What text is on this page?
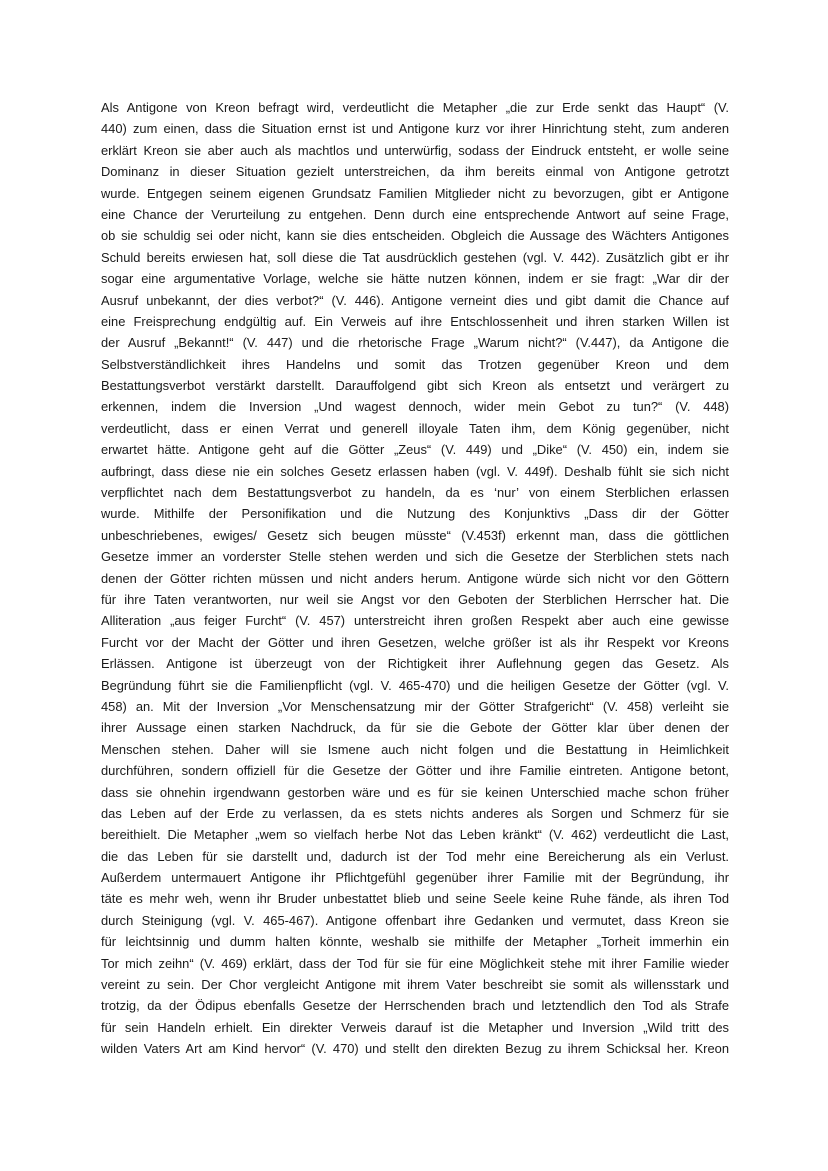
Als Antigone von Kreon befragt wird, verdeutlicht die Metapher „die zur Erde senkt das Haupt“ (V.
440) zum einen, dass die Situation ernst ist und Antigone kurz vor ihrer Hinrichtung steht, zum anderen
erklärt Kreon sie aber auch als machtlos und unterwürfig, sodass der Eindruck entsteht, er wolle seine
Dominanz in dieser Situation gezielt unterstreichen, da ihm bereits einmal von Antigone getrotzt
wurde. Entgegen seinem eigenen Grundsatz Familien Mitglieder nicht zu bevorzugen, gibt er Antigone
eine Chance der Verurteilung zu entgehen. Denn durch eine entsprechende Antwort auf seine Frage,
ob sie schuldig sei oder nicht, kann sie dies entscheiden. Obgleich die Aussage des Wächters Antigones
Schuld bereits erwiesen hat, soll diese die Tat ausdrücklich gestehen (vgl. V. 442). Zusätzlich gibt er ihr
sogar eine argumentative Vorlage, welche sie hätte nutzen können, indem er sie fragt: „War dir der
Ausruf unbekannt, der dies verbot?“ (V. 446). Antigone verneint dies und gibt damit die Chance auf
eine Freisprechung endgültig auf. Ein Verweis auf ihre Entschlossenheit und ihren starken Willen ist
der Ausruf „Bekannt!“ (V. 447) und die rhetorische Frage „Warum nicht?“ (V.447), da Antigone die
Selbstverständlichkeit ihres Handelns und somit das Trotzen gegenüber Kreon und dem
Bestattungsverbot verstärkt darstellt. Darauffolgend gibt sich Kreon als entsetzt und verärgert zu
erkennen, indem die Inversion „Und wagest dennoch, wider mein Gebot zu tun?“ (V. 448)
verdeutlicht, dass er einen Verrat und generell illoyale Taten ihm, dem König gegenüber, nicht
erwartet hätte. Antigone geht auf die Götter „Zeus“ (V. 449) und „Dike“ (V. 450) ein, indem sie
aufbringt, dass diese nie ein solches Gesetz erlassen haben (vgl. V. 449f). Deshalb fühlt sie sich nicht
verpflichtet nach dem Bestattungsverbot zu handeln, da es ‘nur’ von einem Sterblichen erlassen
wurde. Mithilfe der Personifikation und die Nutzung des Konjunktivs „Dass dir der Götter
unbeschriebenes, ewiges/ Gesetz sich beugen müsste“ (V.453f) erkennt man, dass die göttlichen
Gesetze immer an vorderster Stelle stehen werden und sich die Gesetze der Sterblichen stets nach
denen der Götter richten müssen und nicht anders herum. Antigone würde sich nicht vor den Göttern
für ihre Taten verantworten, nur weil sie Angst vor den Geboten der Sterblichen Herrscher hat. Die
Alliteration „aus feiger Furcht“ (V. 457) unterstreicht ihren großen Respekt aber auch eine gewisse
Furcht vor der Macht der Götter und ihren Gesetzen, welche größer ist als ihr Respekt vor Kreons
Erlässen. Antigone ist überzeugt von der Richtigkeit ihrer Auflehnung gegen das Gesetz. Als
Begründung führt sie die Familienpflicht (vgl. V. 465-470) und die heiligen Gesetze der Götter (vgl. V.
458) an. Mit der Inversion „Vor Menschensatzung mir der Götter Strafgericht“ (V. 458) verleiht sie
ihrer Aussage einen starken Nachdruck, da für sie die Gebote der Götter klar über denen der
Menschen stehen. Daher will sie Ismene auch nicht folgen und die Bestattung in Heimlichkeit
durchführen, sondern offiziell für die Gesetze der Götter und ihre Familie eintreten. Antigone betont,
dass sie ohnehin irgendwann gestorben wäre und es für sie keinen Unterschied mache schon früher
das Leben auf der Erde zu verlassen, da es stets nichts anderes als Sorgen und Schmerz für sie
bereithielt. Die Metapher „wem so vielfach herbe Not das Leben kränkt“ (V. 462) verdeutlicht die Last,
die das Leben für sie darstellt und, dadurch ist der Tod mehr eine Bereicherung als ein Verlust.
Außerdem untermauert Antigone ihr Pflichtgefühl gegenüber ihrer Familie mit der Begründung, ihr
täte es mehr weh, wenn ihr Bruder unbestattet blieb und seine Seele keine Ruhe fände, als ihren Tod
durch Steinigung (vgl. V. 465-467). Antigone offenbart ihre Gedanken und vermutet, dass Kreon sie
für leichtsinnig und dumm halten könnte, weshalb sie mithilfe der Metapher „Torheit immerhin ein
Tor mich zeihn“ (V. 469) erklärt, dass der Tod für sie für eine Möglichkeit stehe mit ihrer Familie wieder
vereint zu sein. Der Chor vergleicht Antigone mit ihrem Vater beschreibt sie somit als willensstark und
trotzig, da der Ödipus ebenfalls Gesetze der Herrschenden brach und letztendlich den Tod als Strafe
für sein Handeln erhielt. Ein direkter Verweis darauf ist die Metapher und Inversion „Wild tritt des
wilden Vaters Art am Kind hervor“ (V. 470) und stellt den direkten Bezug zu ihrem Schicksal her. Kreon
